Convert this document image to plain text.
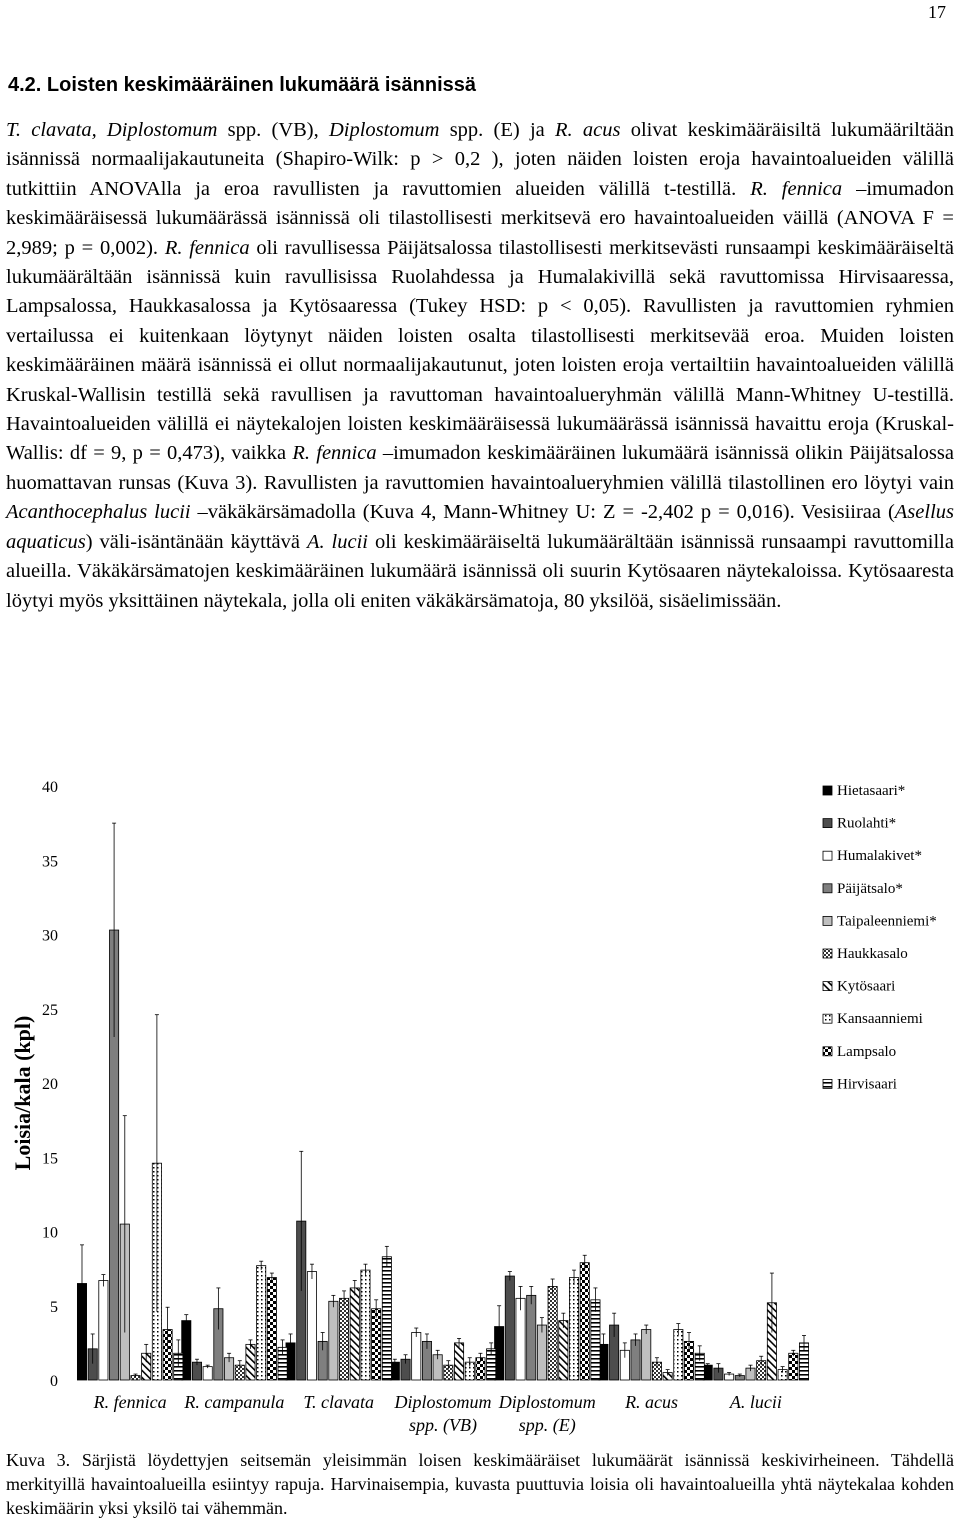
17
4.2. Loisten keskimääräinen lukumäärä isännissä

T. clavata, Diplostomum spp. (VB), Diplostomum spp. (E) ja R. acus olivat keskimääräisiltä lukumääriltään isännissä normaalijakautuneita (Shapiro-Wilk: p > 0,2 ), joten näiden loisten eroja havaintoalueiden välillä tutkittiin ANOVAlla ja eroa ravullisten ja ravuttomien alueiden välillä t-testillä. R. fennica –imumadon keskimääräisessä lukumäärässä isännissä oli tilastollisesti merkitsevä ero havaintoalueiden väillä (ANOVA F = 2,989; p = 0,002). R. fennica oli ravullisessa Päijätsalossa tilastollisesti merkitsevästi runsaampi keskimääräiseltä lukumäärältään isännissä kuin ravullisissa Ruolahdessa ja Humalakivillä sekä ravuttomissa Hirvisaaressa, Lampsalossa, Haukkasalossa ja Kytösaaressa (Tukey HSD: p < 0,05). Ravullisten ja ravuttomien ryhmien vertailussa ei kuitenkaan löytynyt näiden loisten osalta tilastollisesti merkitsevää eroa. Muiden loisten keskimääräinen määrä isännissä ei ollut normaalijakautunut, joten loisten eroja vertailtiin havaintoalueiden välillä Kruskal-Wallisin testillä sekä ravullisen ja ravuttoman havaintoalueryhmän välillä Mann-Whitney U-testillä. Havaintoalueiden välillä ei näytekalojen loisten keskimääräisessä lukumäärässä isännissä havaittu eroja (Kruskal-Wallis: df = 9, p = 0,473), vaikka R. fennica –imumadon keskimääräinen lukumäärä isännissä olikin Päijätsalossa huomattavan runsas (Kuva 3). Ravullisten ja ravuttomien havaintoalueryhmien välillä tilastollinen ero löytyi vain Acanthocephalus lucii –väkäkärsämadolla (Kuva 4, Mann-Whitney U: Z = -2,402 p = 0,016). Vesisiiraa (Asellus aquaticus) väli-isäntänään käyttävä A. lucii oli keskimääräiseltä lukumäärältään isännissä runsaampi ravuttomilla alueilla. Väkäkärsämatojen keskimääräinen lukumäärä isännissä oli suurin Kytösaaren näytekaloissa. Kytösaaresta löytyi myös yksittäinen näytekala, jolla oli eniten väkäkärsämatoja, 80 yksilöä, sisäelimissään.

0
5
10
15
20
25
30
35
40
Loisia/kala (kpl)
R. fennica R. campanula T. clavata Diplostomum
spp. (VB)
Diplostomum
spp. (E)
R. acus	A. lucii
Hietasaari*
Ruolahti*
Humalakivet*
Päijätsalo*
Taipaleenniemi*
Haukkasalo
Kytösaari
Kansaanniemi
Lampsalo
Hirvisaari

Kuva 3. Särjistä löydettyjen seitsemän yleisimmän loisen keskimääräiset lukumäärät isännissä keskivirheineen. Tähdellä merkityillä havaintoalueilla esiintyy rapuja. Harvinaisempia, kuvasta puuttuvia loisia oli havaintoalueilla yhtä näytekalaa kohden keskimäärin yksi yksilö tai vähemmän.
